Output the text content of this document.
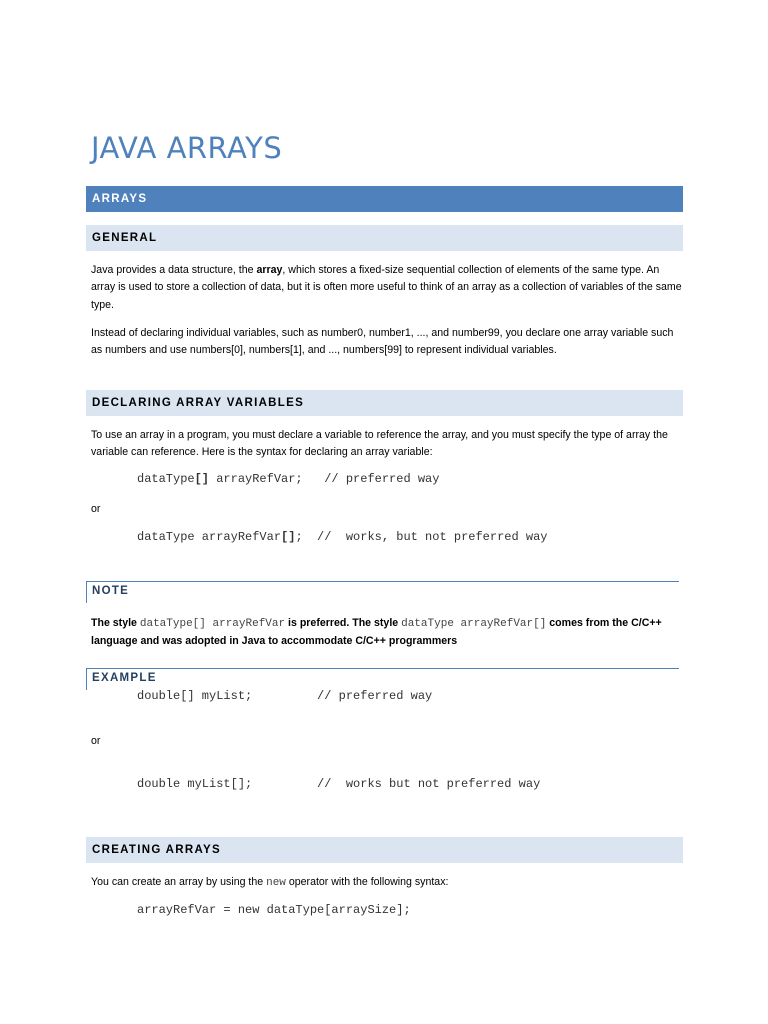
JAVA ARRAYS
ARRAYS
GENERAL
Java provides a data structure, the array, which stores a fixed-size sequential collection of elements of the same type. An array is used to store a collection of data, but it is often more useful to think of an array as a collection of variables of the same type.
Instead of declaring individual variables, such as number0, number1, ..., and number99, you declare one array variable such as numbers and use numbers[0], numbers[1], and ..., numbers[99] to represent individual variables.
DECLARING ARRAY VARIABLES
To use an array in a program, you must declare a variable to reference the array, and you must specify the type of array the variable can reference. Here is the syntax for declaring an array variable:
dataType[] arrayRefVar;   // preferred way
or
dataType arrayRefVar[];  //  works, but not preferred way
NOTE
The style dataType[] arrayRefVar is preferred. The style dataType arrayRefVar[] comes from the C/C++ language and was adopted in Java to accommodate C/C++ programmers
EXAMPLE
double[] myList;         // preferred way
or
double myList[];         //  works but not preferred way
CREATING ARRAYS
You can create an array by using the new operator with the following syntax:
arrayRefVar = new dataType[arraySize];
